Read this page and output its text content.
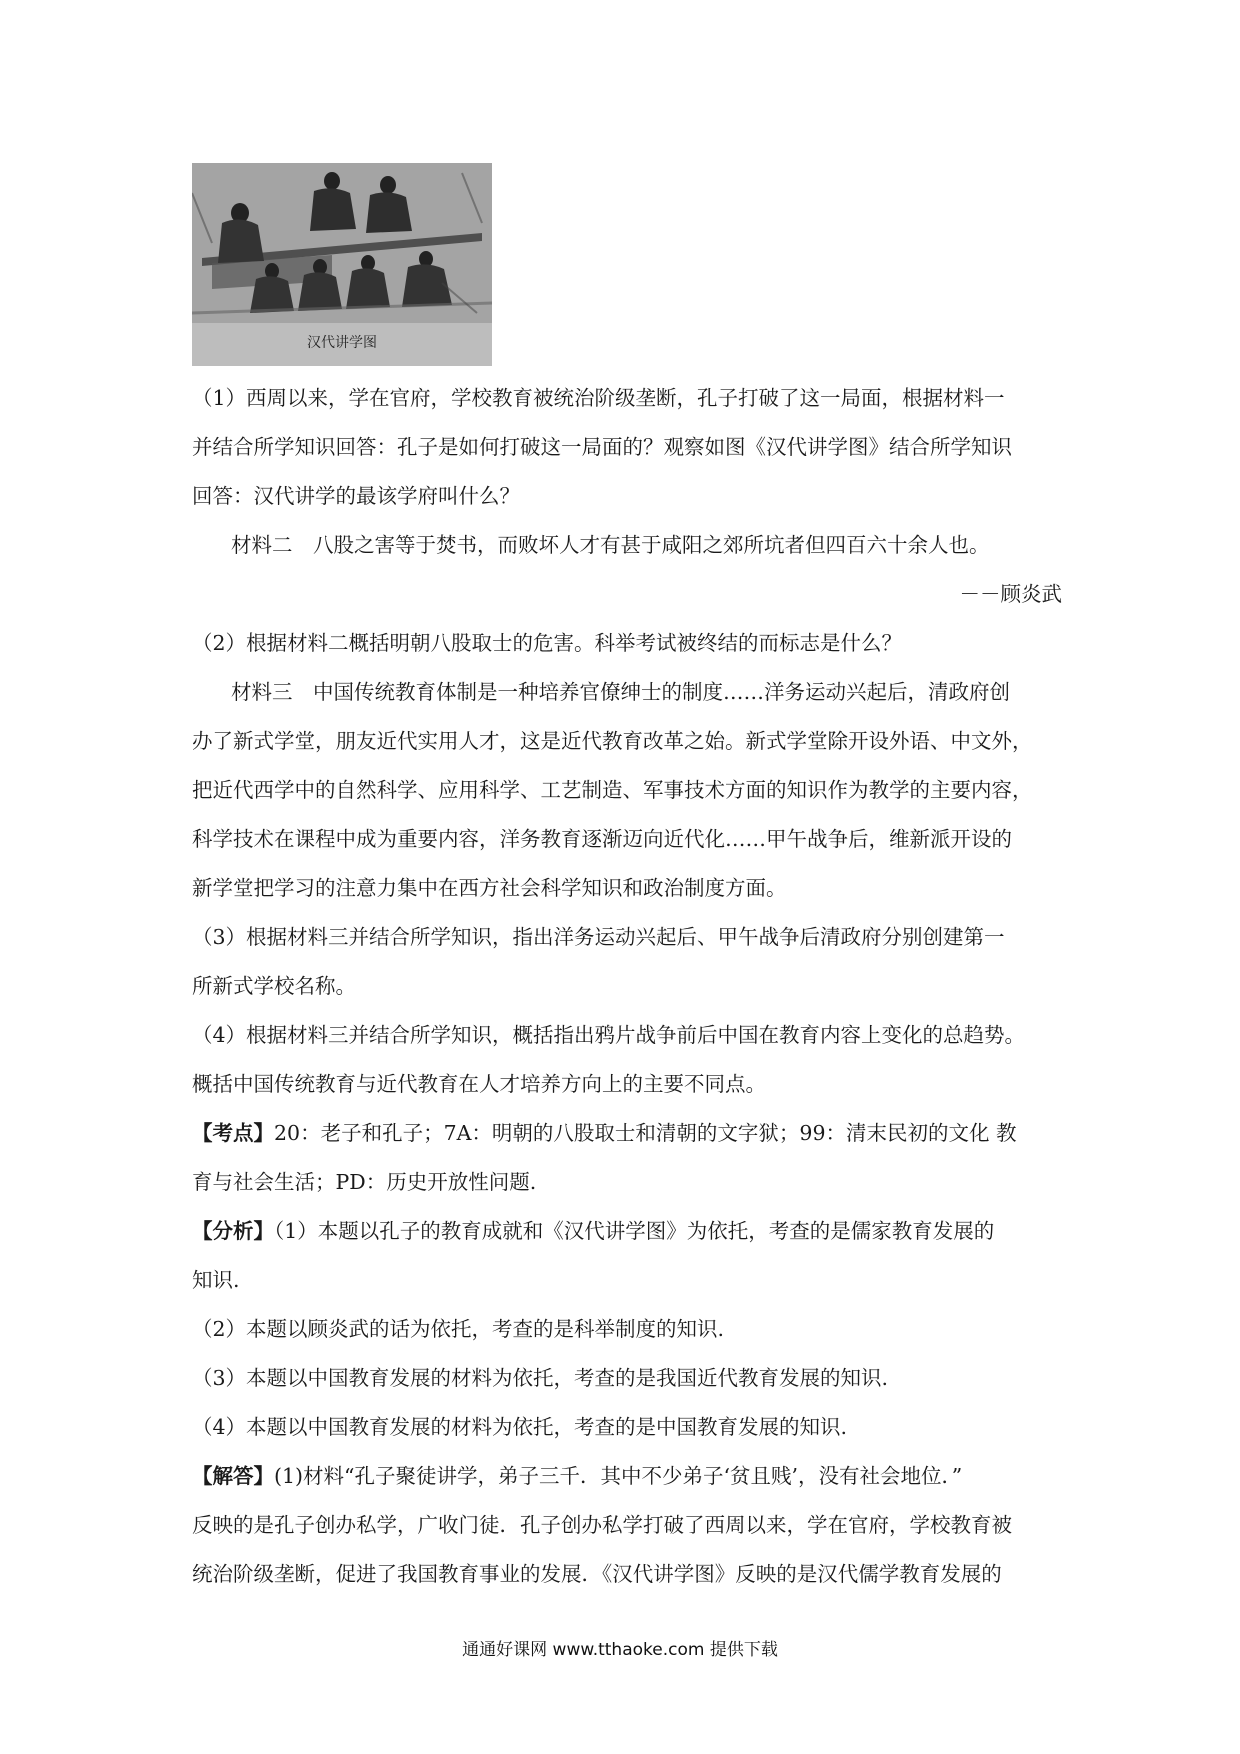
汉代讲学图
（1）西周以来，学在官府，学校教育被统治阶级垄断，孔子打破了这一局面，根据材料一
并结合所学知识回答：孔子是如何打破这一局面的？观察如图《汉代讲学图》结合所学知识
回答：汉代讲学的最该学府叫什么？
材料二　八股之害等于焚书，而败坏人才有甚于咸阳之郊所坑者但四百六十余人也。
－－顾炎武
（2）根据材料二概括明朝八股取士的危害。科举考试被终结的而标志是什么？
材料三　中国传统教育体制是一种培养官僚绅士的制度……洋务运动兴起后，清政府创
办了新式学堂，朋友近代实用人才，这是近代教育改革之始。新式学堂除开设外语、中文外，
把近代西学中的自然科学、应用科学、工艺制造、军事技术方面的知识作为教学的主要内容，
科学技术在课程中成为重要内容，洋务教育逐渐迈向近代化……甲午战争后，维新派开设的
新学堂把学习的注意力集中在西方社会科学知识和政治制度方面。
（3）根据材料三并结合所学知识，指出洋务运动兴起后、甲午战争后清政府分别创建第一
所新式学校名称。
（4）根据材料三并结合所学知识，概括指出鸦片战争前后中国在教育内容上变化的总趋势。
概括中国传统教育与近代教育在人才培养方向上的主要不同点。
【考点】20：老子和孔子；7A：明朝的八股取士和清朝的文字狱；99：清末民初的文化 教
育与社会生活；PD：历史开放性问题.
【分析】（1）本题以孔子的教育成就和《汉代讲学图》为依托，考查的是儒家教育发展的
知识.
（2）本题以顾炎武的话为依托，考查的是科举制度的知识.
（3）本题以中国教育发展的材料为依托，考查的是我国近代教育发展的知识.
（4）本题以中国教育发展的材料为依托，考查的是中国教育发展的知识.
【解答】(1)材料“孔子聚徒讲学，弟子三千．其中不少弟子‘贫且贱’，没有社会地位．”
反映的是孔子创办私学，广收门徒．孔子创办私学打破了西周以来，学在官府，学校教育被
统治阶级垄断，促进了我国教育事业的发展．《汉代讲学图》反映的是汉代儒学教育发展的
通通好课网 www.tthaoke.com 提供下载
